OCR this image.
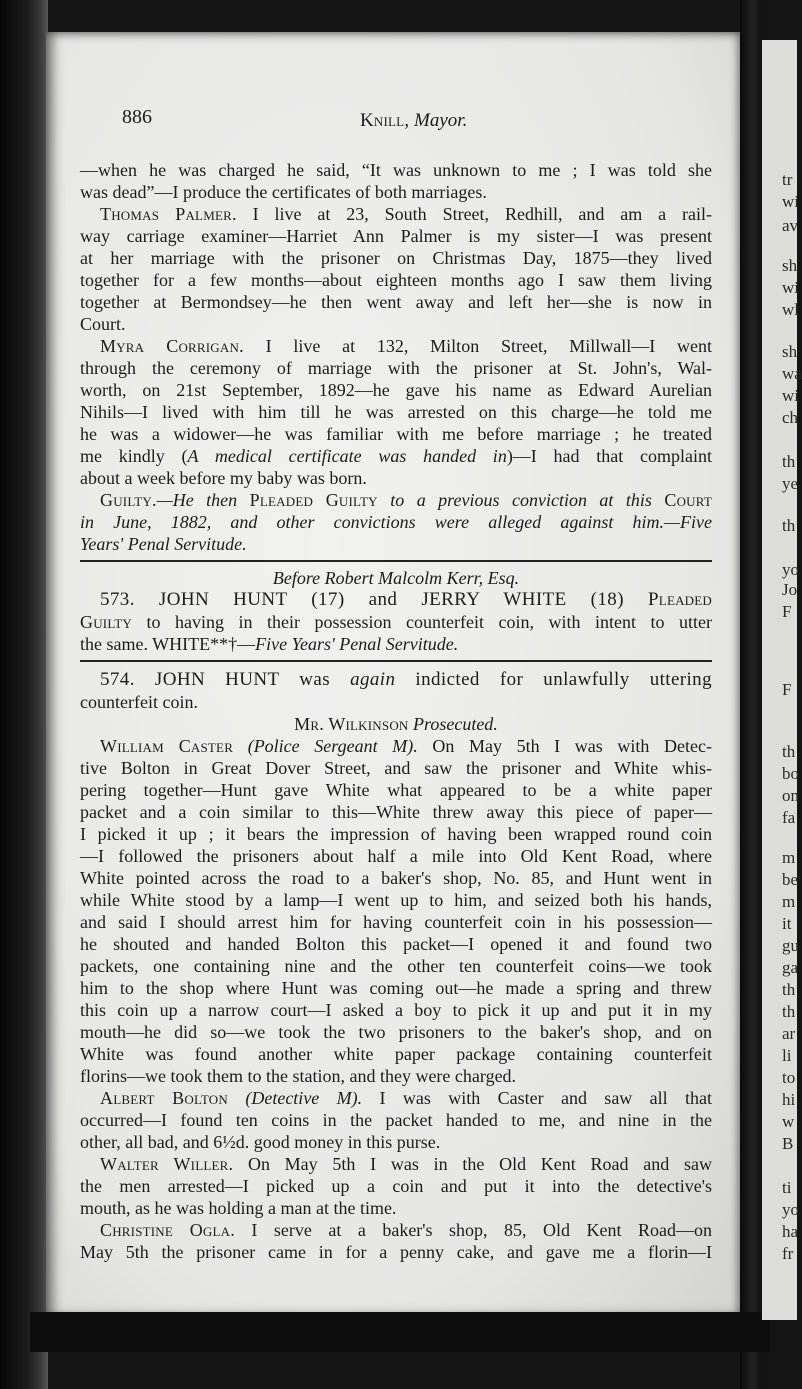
tr
wi
av
sh
wi
wl
sh
wa
wi
ch
th
ye
th
yo
Jo
F
F
th
bo
on
fa
m
be
m
it
gu
ga
th
th
ar
li
to
hi
w
B
ti
yo
ha
fr
886	Knill, Mayor.
—when he was charged he said, “It was unknown to me ; I was told she
was dead”—I produce the certificates of both marriages.
Thomas Palmer. I live at 23, South Street, Redhill, and am a rail-
way carriage examiner—Harriet Ann Palmer is my sister—I was present
at her marriage with the prisoner on Christmas Day, 1875—they lived
together for a few months—about eighteen months ago I saw them living
together at Bermondsey—he then went away and left her—she is now in
Court.
Myra Corrigan. I live at 132, Milton Street, Millwall—I went
through the ceremony of marriage with the prisoner at St. John's, Wal-
worth, on 21st September, 1892—he gave his name as Edward Aurelian
Nihils—I lived with him till he was arrested on this charge—he told me
he was a widower—he was familiar with me before marriage ; he treated
me kindly (A medical certificate was handed in)—I had that complaint
about a week before my baby was born.
Guilty.—He then Pleaded Guilty to a previous conviction at this Court
in June, 1882, and other convictions were alleged against him.—Five
Years' Penal Servitude.
Before Robert Malcolm Kerr, Esq.
573. JOHN HUNT (17) and JERRY WHITE (18) Pleaded
Guilty to having in their possession counterfeit coin, with intent to utter
the same. WHITE**†—Five Years' Penal Servitude.
574. JOHN HUNT was again indicted for unlawfully uttering
counterfeit coin.
Mr. Wilkinson Prosecuted.
William Caster (Police Sergeant M). On May 5th I was with Detec-
tive Bolton in Great Dover Street, and saw the prisoner and White whis-
pering together—Hunt gave White what appeared to be a white paper
packet and a coin similar to this—White threw away this piece of paper—
I picked it up ; it bears the impression of having been wrapped round coin
—I followed the prisoners about half a mile into Old Kent Road, where
White pointed across the road to a baker's shop, No. 85, and Hunt went in
while White stood by a lamp—I went up to him, and seized both his hands,
and said I should arrest him for having counterfeit coin in his possession—
he shouted and handed Bolton this packet—I opened it and found two
packets, one containing nine and the other ten counterfeit coins—we took
him to the shop where Hunt was coming out—he made a spring and threw
this coin up a narrow court—I asked a boy to pick it up and put it in my
mouth—he did so—we took the two prisoners to the baker's shop, and on
White was found another white paper package containing counterfeit
florins—we took them to the station, and they were charged.
Albert Bolton (Detective M). I was with Caster and saw all that
occurred—I found ten coins in the packet handed to me, and nine in the
other, all bad, and 6½d. good money in this purse.
Walter Willer. On May 5th I was in the Old Kent Road and saw
the men arrested—I picked up a coin and put it into the detective's
mouth, as he was holding a man at the time.
Christine Ogla. I serve at a baker's shop, 85, Old Kent Road—on
May 5th the prisoner came in for a penny cake, and gave me a florin—I
